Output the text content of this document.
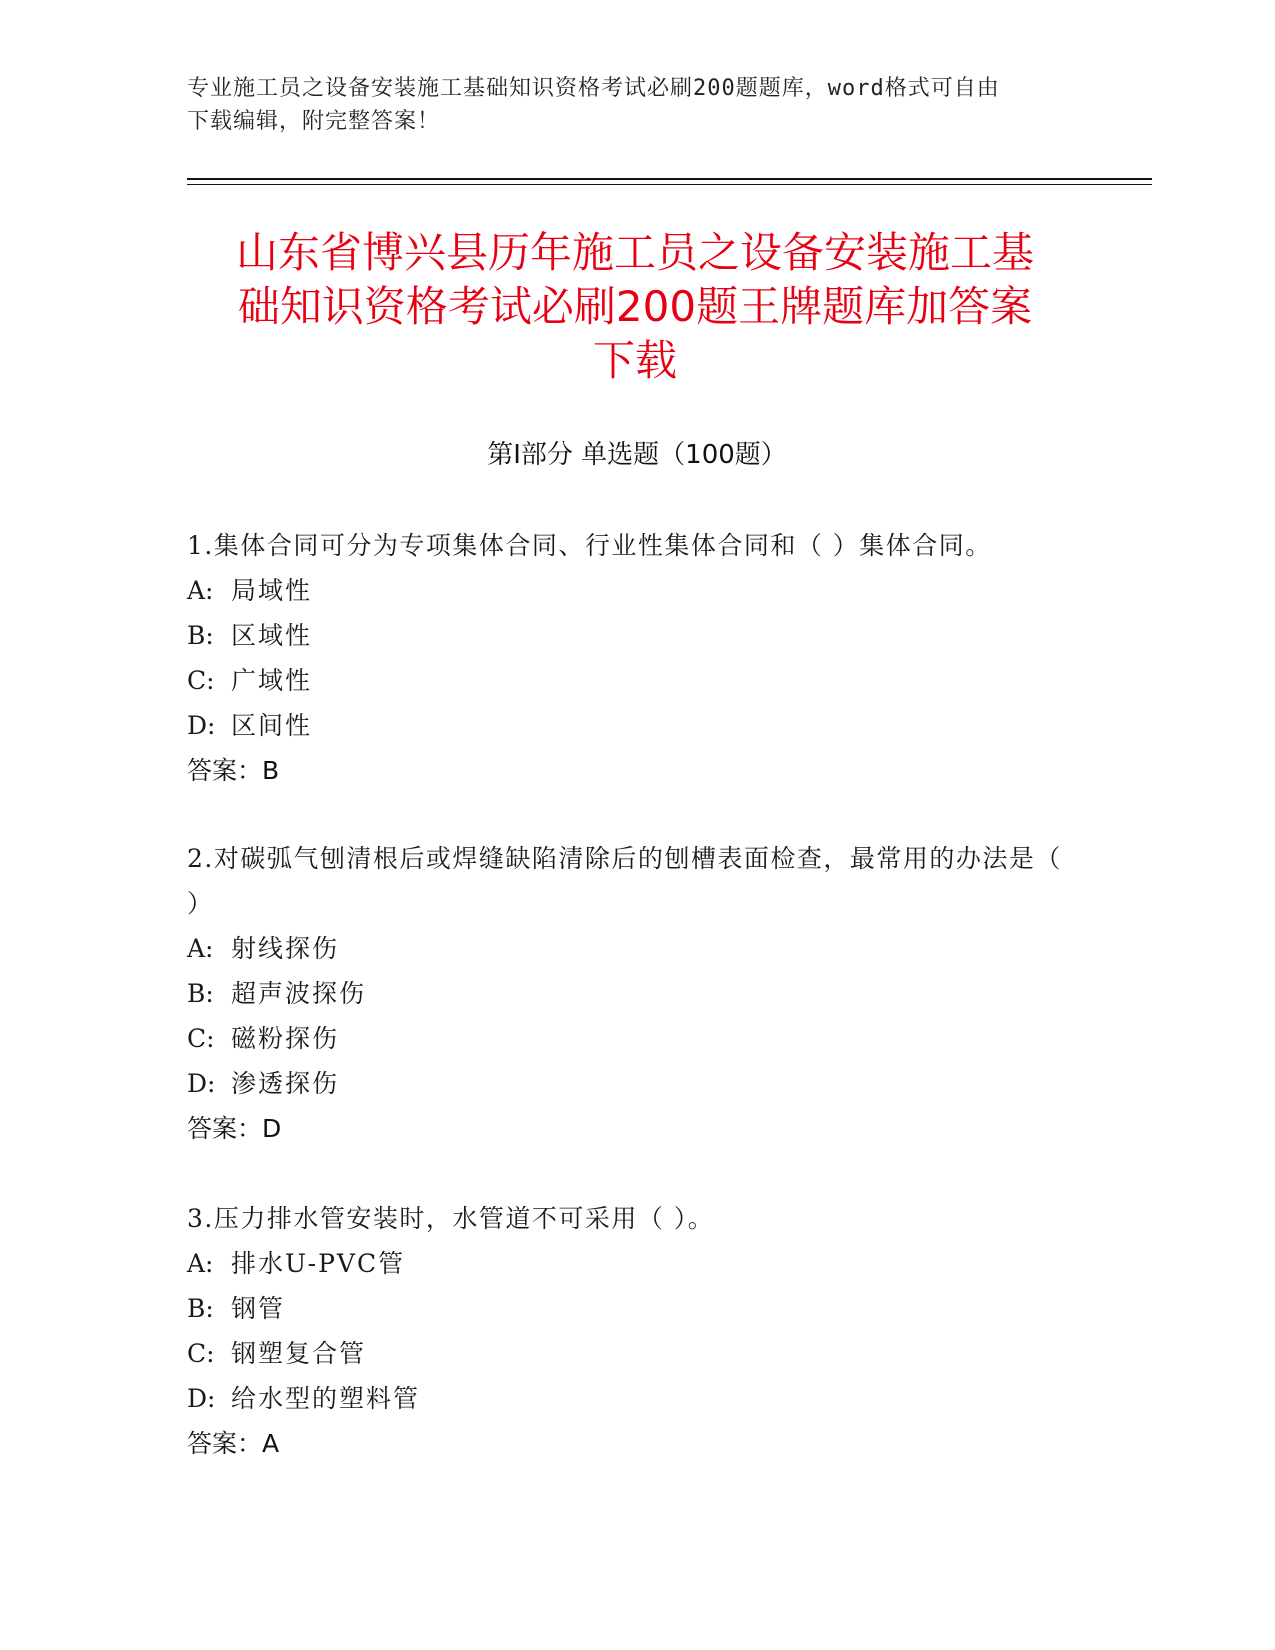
专业施工员之设备安装施工基础知识资格考试必刷200题题库，word格式可自由
下载编辑，附完整答案！
山东省博兴县历年施工员之设备安装施工基
础知识资格考试必刷200题王牌题库加答案
下载
第I部分 单选题（100题）
1.集体合同可分为专项集体合同、行业性集体合同和（ ）集体合同。
A: 局域性
B: 区域性
C: 广域性
D: 区间性
答案：B
2.对碳弧气刨清根后或焊缝缺陷清除后的刨槽表面检查，最常用的办法是（ ）
A: 射线探伤
B: 超声波探伤
C: 磁粉探伤
D: 渗透探伤
答案：D
3.压力排水管安装时，水管道不可采用（ ）。
A: 排水U-PVC管
B: 钢管
C: 钢塑复合管
D: 给水型的塑料管
答案：A
